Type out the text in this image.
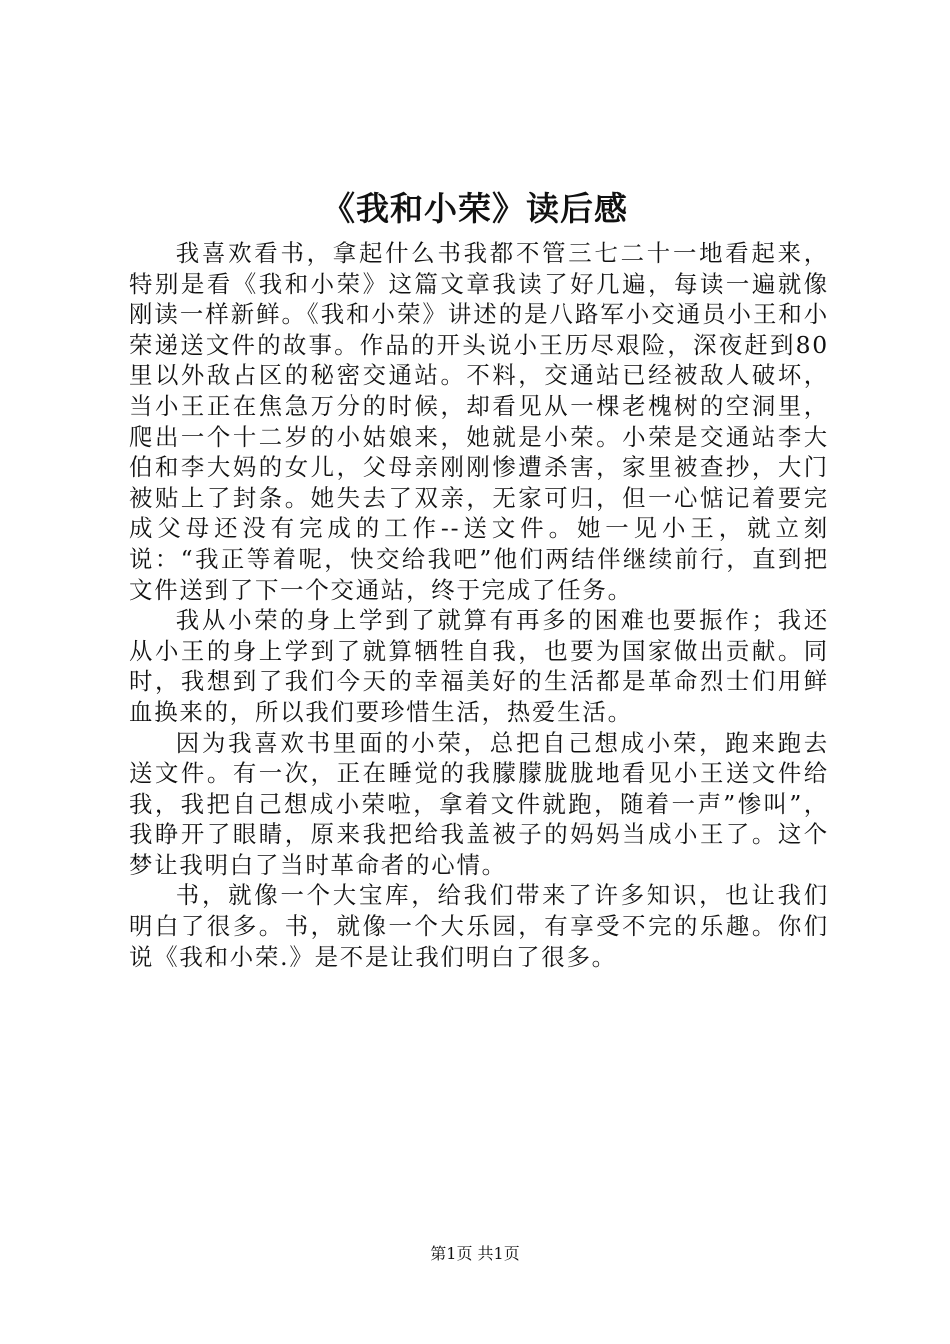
《我和小荣》读后感

我喜欢看书，拿起什么书我都不管三七二十一地看起来，特别是看《我和小荣》这篇文章我读了好几遍，每读一遍就像刚读一样新鲜。《我和小荣》讲述的是八路军小交通员小王和小荣递送文件的故事。作品的开头说小王历尽艰险，深夜赶到80里以外敌占区的秘密交通站。不料，交通站已经被敌人破坏，当小王正在焦急万分的时候，却看见从一棵老槐树的空洞里，爬出一个十二岁的小姑娘来，她就是小荣。小荣是交通站李大伯和李大妈的女儿，父母亲刚刚惨遭杀害，家里被查抄，大门被贴上了封条。她失去了双亲，无家可归，但一心惦记着要完成父母还没有完成的工作--送文件。她一见小王，就立刻说：“我正等着呢，快交给我吧”他们两结伴继续前行，直到把文件送到了下一个交通站，终于完成了任务。

我从小荣的身上学到了就算有再多的困难也要振作；我还从小王的身上学到了就算牺牲自我，也要为国家做出贡献。同时，我想到了我们今天的幸福美好的生活都是革命烈士们用鲜血换来的，所以我们要珍惜生活，热爱生活。

因为我喜欢书里面的小荣，总把自己想成小荣，跑来跑去送文件。有一次，正在睡觉的我朦朦胧胧地看见小王送文件给我，我把自己想成小荣啦，拿着文件就跑，随着一声”惨叫”，我睁开了眼睛，原来我把给我盖被子的妈妈当成小王了。这个梦让我明白了当时革命者的心情。

书，就像一个大宝库，给我们带来了许多知识，也让我们明白了很多。书，就像一个大乐园，有享受不完的乐趣。你们说《我和小荣.》是不是让我们明白了很多。

第1页 共1页
